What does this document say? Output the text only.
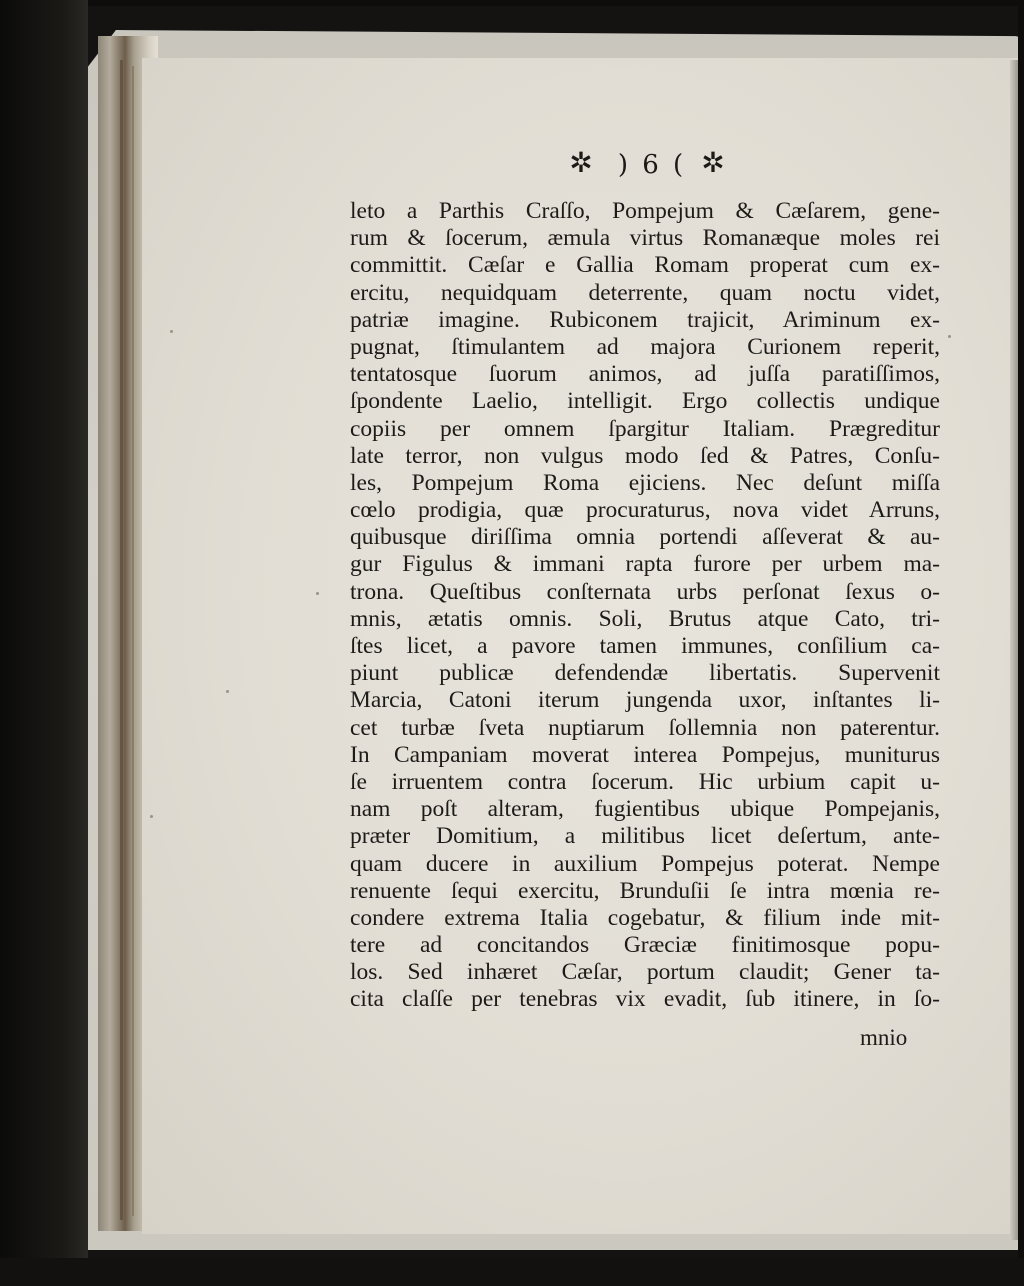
✲ ) 6 ( ✲
leto a Parthis Craſſo, Pompejum & Cæſarem, gene-
rum & ſocerum, æmula virtus Romanæque moles rei
committit. Cæſar e Gallia Romam properat cum ex-
ercitu, nequidquam deterrente, quam noctu videt,
patriæ imagine. Rubiconem trajicit, Ariminum ex-
pugnat, ſtimulantem ad majora Curionem reperit,
tentatosque ſuorum animos, ad juſſa paratiſſimos,
ſpondente Laelio, intelligit. Ergo collectis undique
copiis per omnem ſpargitur Italiam. Prægreditur
late terror, non vulgus modo ſed & Patres, Conſu-
les, Pompejum Roma ejiciens. Nec deſunt miſſa
cœlo prodigia, quæ procuraturus, nova videt Arruns,
quibusque diriſſima omnia portendi aſſeverat & au-
gur Figulus & immani rapta furore per urbem ma-
trona. Queſtibus conſternata urbs perſonat ſexus o-
mnis, ætatis omnis. Soli, Brutus atque Cato, tri-
ſtes licet, a pavore tamen immunes, conſilium ca-
piunt publicæ defendendæ libertatis. Supervenit
Marcia, Catoni iterum jungenda uxor, inſtantes li-
cet turbæ ſveta nuptiarum ſollemnia non paterentur.
In Campaniam moverat interea Pompejus, muniturus
ſe irruentem contra ſocerum. Hic urbium capit u-
nam poſt alteram, fugientibus ubique Pompejanis,
præter Domitium, a militibus licet deſertum, ante-
quam ducere in auxilium Pompejus poterat. Nempe
renuente ſequi exercitu, Brunduſii ſe intra mœnia re-
condere extrema Italia cogebatur, & filium inde mit-
tere ad concitandos Græciæ finitimosque popu-
los. Sed inhæret Cæſar, portum claudit; Gener ta-
cita claſſe per tenebras vix evadit, ſub itinere, in ſo-
mnio
